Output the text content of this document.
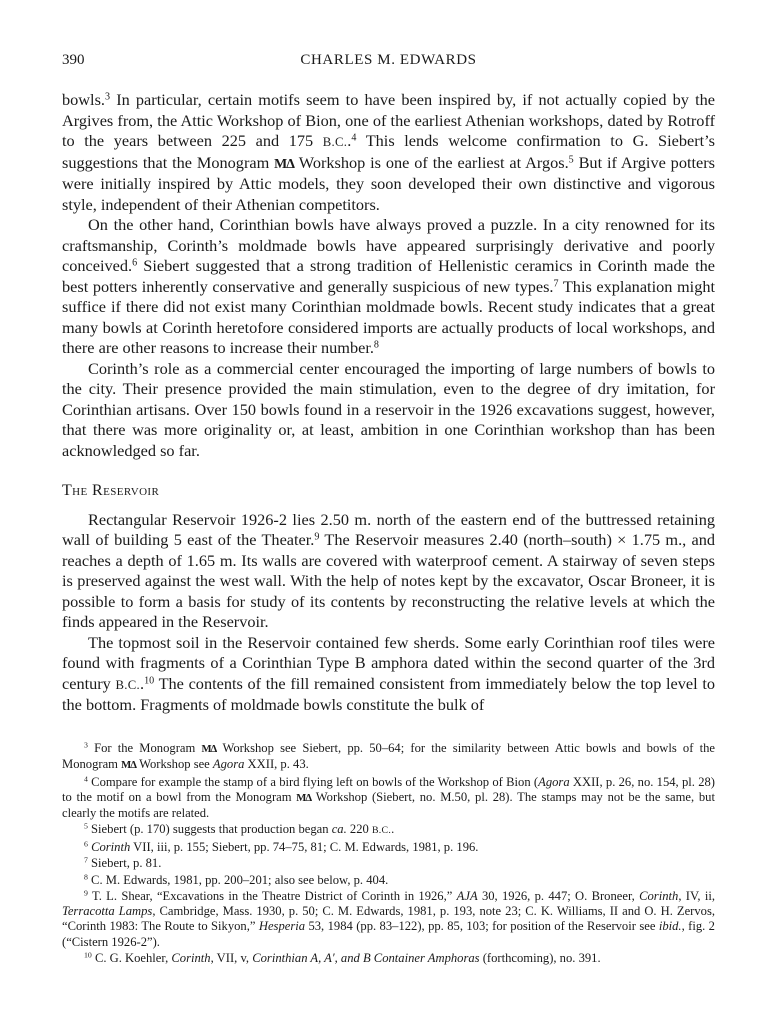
390	CHARLES M. EDWARDS

bowls.$^3$ In particular, certain motifs seem to have been inspired by, if not actually copied by the Argives from, the Attic Workshop of Bion, one of the earliest Athenian workshops, dated by Rotroff to the years between 225 and 175 B.C..$^4$ This lends welcome confirmation to G. Siebert’s suggestions that the Monogram ΜΔ Workshop is one of the earliest at Argos.$^5$ But if Argive potters were initially inspired by Attic models, they soon developed their own distinctive and vigorous style, independent of their Athenian competitors.

On the other hand, Corinthian bowls have always proved a puzzle. In a city renowned for its craftsmanship, Corinth’s moldmade bowls have appeared surprisingly derivative and poorly conceived.$^6$ Siebert suggested that a strong tradition of Hellenistic ceramics in Corinth made the best potters inherently conservative and generally suspicious of new types.$^7$ This explanation might suffice if there did not exist many Corinthian moldmade bowls. Recent study indicates that a great many bowls at Corinth heretofore considered imports are actually products of local workshops, and there are other reasons to increase their number.$^8$

Corinth’s role as a commercial center encouraged the importing of large numbers of bowls to the city. Their presence provided the main stimulation, even to the degree of dry imitation, for Corinthian artisans. Over 150 bowls found in a reservoir in the 1926 excavations suggest, however, that there was more originality or, at least, ambition in one Corinthian workshop than has been acknowledged so far.

The Reservoir

Rectangular Reservoir 1926-2 lies 2.50 m. north of the eastern end of the buttressed retaining wall of building 5 east of the Theater.$^9$ The Reservoir measures 2.40 (north–south) × 1.75 m., and reaches a depth of 1.65 m. Its walls are covered with waterproof cement. A stairway of seven steps is preserved against the west wall. With the help of notes kept by the excavator, Oscar Broneer, it is possible to form a basis for study of its contents by reconstructing the relative levels at which the finds appeared in the Reservoir.

The topmost soil in the Reservoir contained few sherds. Some early Corinthian roof tiles were found with fragments of a Corinthian Type B amphora dated within the second quarter of the 3rd century B.C..$^{10}$ The contents of the fill remained consistent from immediately below the top level to the bottom. Fragments of moldmade bowls constitute the bulk of

$^3$ For the Monogram ΜΔ Workshop see Siebert, pp. 50–64; for the similarity between Attic bowls and bowls of the Monogram ΜΔ Workshop see Agora XXII, p. 43.

$^4$ Compare for example the stamp of a bird flying left on bowls of the Workshop of Bion (Agora XXII, p. 26, no. 154, pl. 28) to the motif on a bowl from the Monogram ΜΔ Workshop (Siebert, no. M.50, pl. 28). The stamps may not be the same, but clearly the motifs are related.

$^5$ Siebert (p. 170) suggests that production began ca. 220 B.C..

$^6$ Corinth VII, iii, p. 155; Siebert, pp. 74–75, 81; C. M. Edwards, 1981, p. 196.

$^7$ Siebert, p. 81.

$^8$ C. M. Edwards, 1981, pp. 200–201; also see below, p. 404.

$^9$ T. L. Shear, “Excavations in the Theatre District of Corinth in 1926,” AJA 30, 1926, p. 447; O. Broneer, Corinth, IV, ii, Terracotta Lamps, Cambridge, Mass. 1930, p. 50; C. M. Edwards, 1981, p. 193, note 23; C. K. Williams, II and O. H. Zervos, “Corinth 1983: The Route to Sikyon,” Hesperia 53, 1984 (pp. 83–122), pp. 85, 103; for position of the Reservoir see ibid., fig. 2 (“Cistern 1926-2”).

$^{10}$ C. G. Koehler, Corinth, VII, v, Corinthian A, A′, and B Container Amphoras (forthcoming), no. 391.
